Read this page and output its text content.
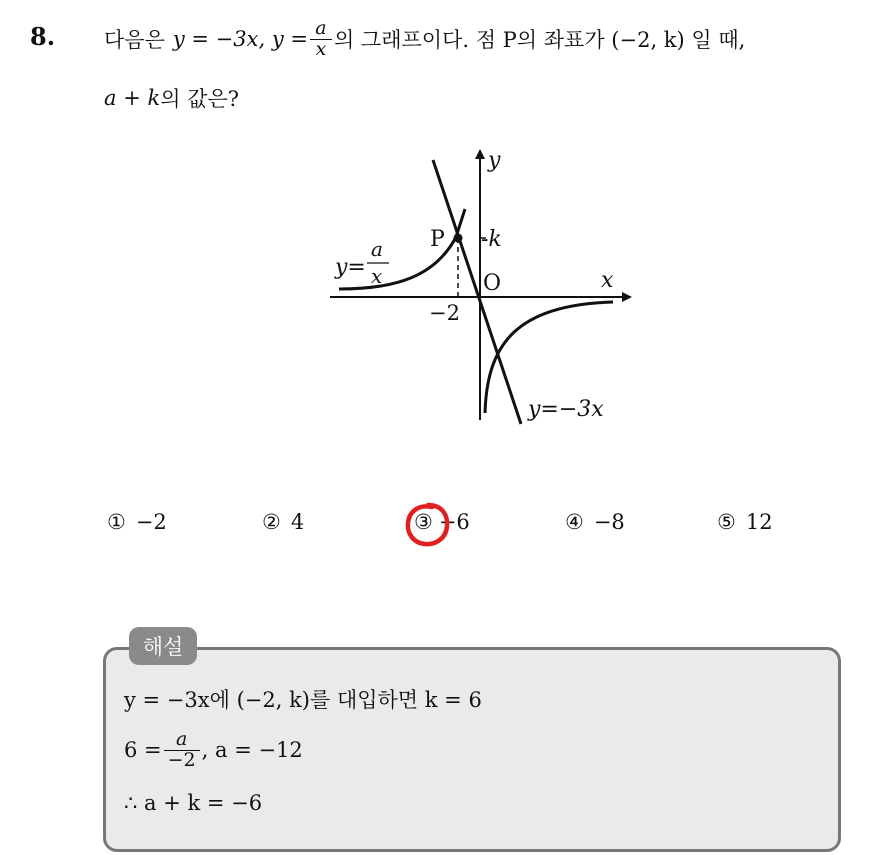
8. 다음은 y = −3x, $y = \frac{a}{x}$ 의 그래프이다. 점 P의 좌표가 (−2, k) 일 때,
a + k 의 값은?
y
x
O
P -k
−2
y=
a
x
y=−3x
① −2	② 4	③ −6	④ −8	⑤ 12
해설
y = −3x에 (−2, k)를 대입하면 k = 6
$6 = \frac{a}{-2}$ , a = −12
∴ a + k = −6
